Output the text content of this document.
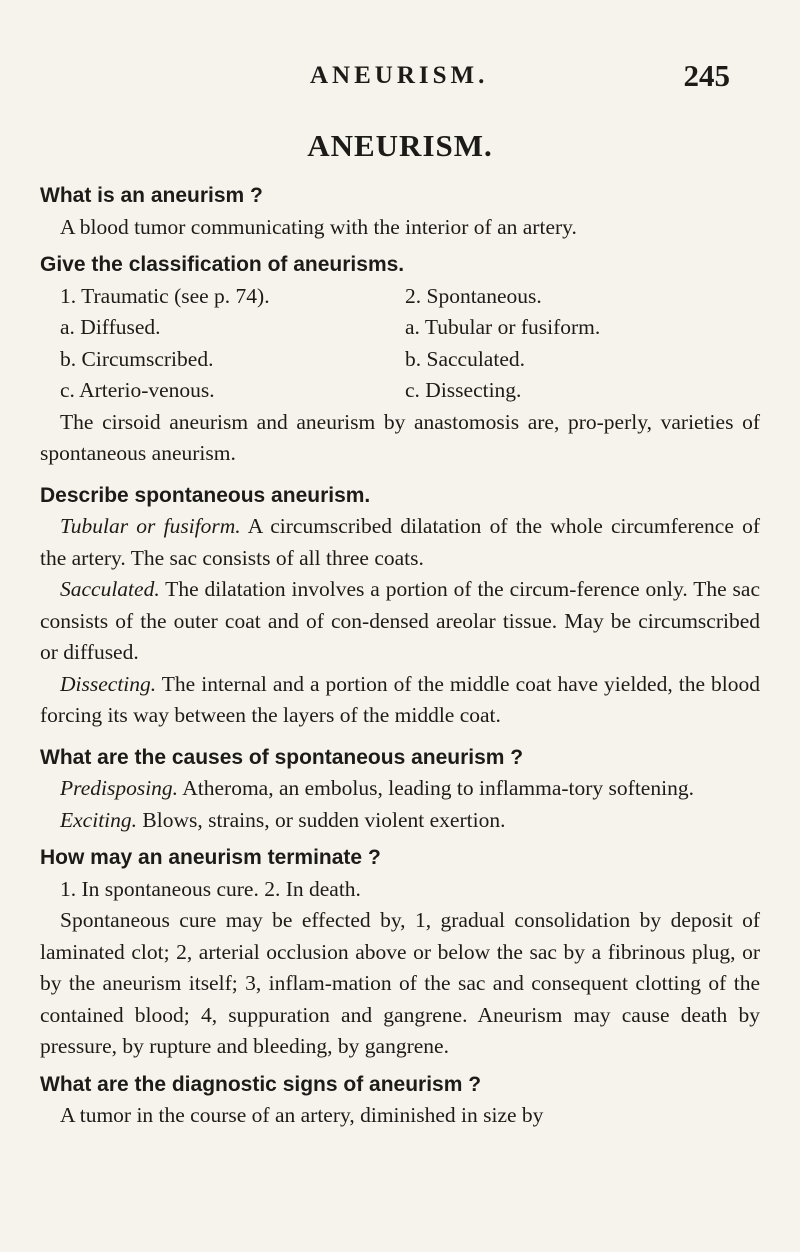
ANEURISM.	245
ANEURISM.

What is an aneurism ?

A blood tumor communicating with the interior of an artery.

Give the classification of aneurisms.

1. Traumatic (see p. 74).	2. Spontaneous.
a. Diffused.	a. Tubular or fusiform.
b. Circumscribed.	b. Sacculated.
c. Arterio-venous.	c. Dissecting.

The cirsoid aneurism and aneurism by anastomosis are, pro-perly, varieties of spontaneous aneurism.

Describe spontaneous aneurism.

Tubular or fusiform. A circumscribed dilatation of the whole circumference of the artery. The sac consists of all three coats.

Sacculated. The dilatation involves a portion of the circum-ference only. The sac consists of the outer coat and of con-densed areolar tissue. May be circumscribed or diffused.

Dissecting. The internal and a portion of the middle coat have yielded, the blood forcing its way between the layers of the middle coat.

What are the causes of spontaneous aneurism ?

Predisposing. Atheroma, an embolus, leading to inflamma-tory softening.

Exciting. Blows, strains, or sudden violent exertion.

How may an aneurism terminate ?

1. In spontaneous cure. 2. In death.

Spontaneous cure may be effected by, 1, gradual consolidation by deposit of laminated clot; 2, arterial occlusion above or below the sac by a fibrinous plug, or by the aneurism itself; 3, inflam-mation of the sac and consequent clotting of the contained blood; 4, suppuration and gangrene. Aneurism may cause death by pressure, by rupture and bleeding, by gangrene.

What are the diagnostic signs of aneurism ?

A tumor in the course of an artery, diminished in size by
